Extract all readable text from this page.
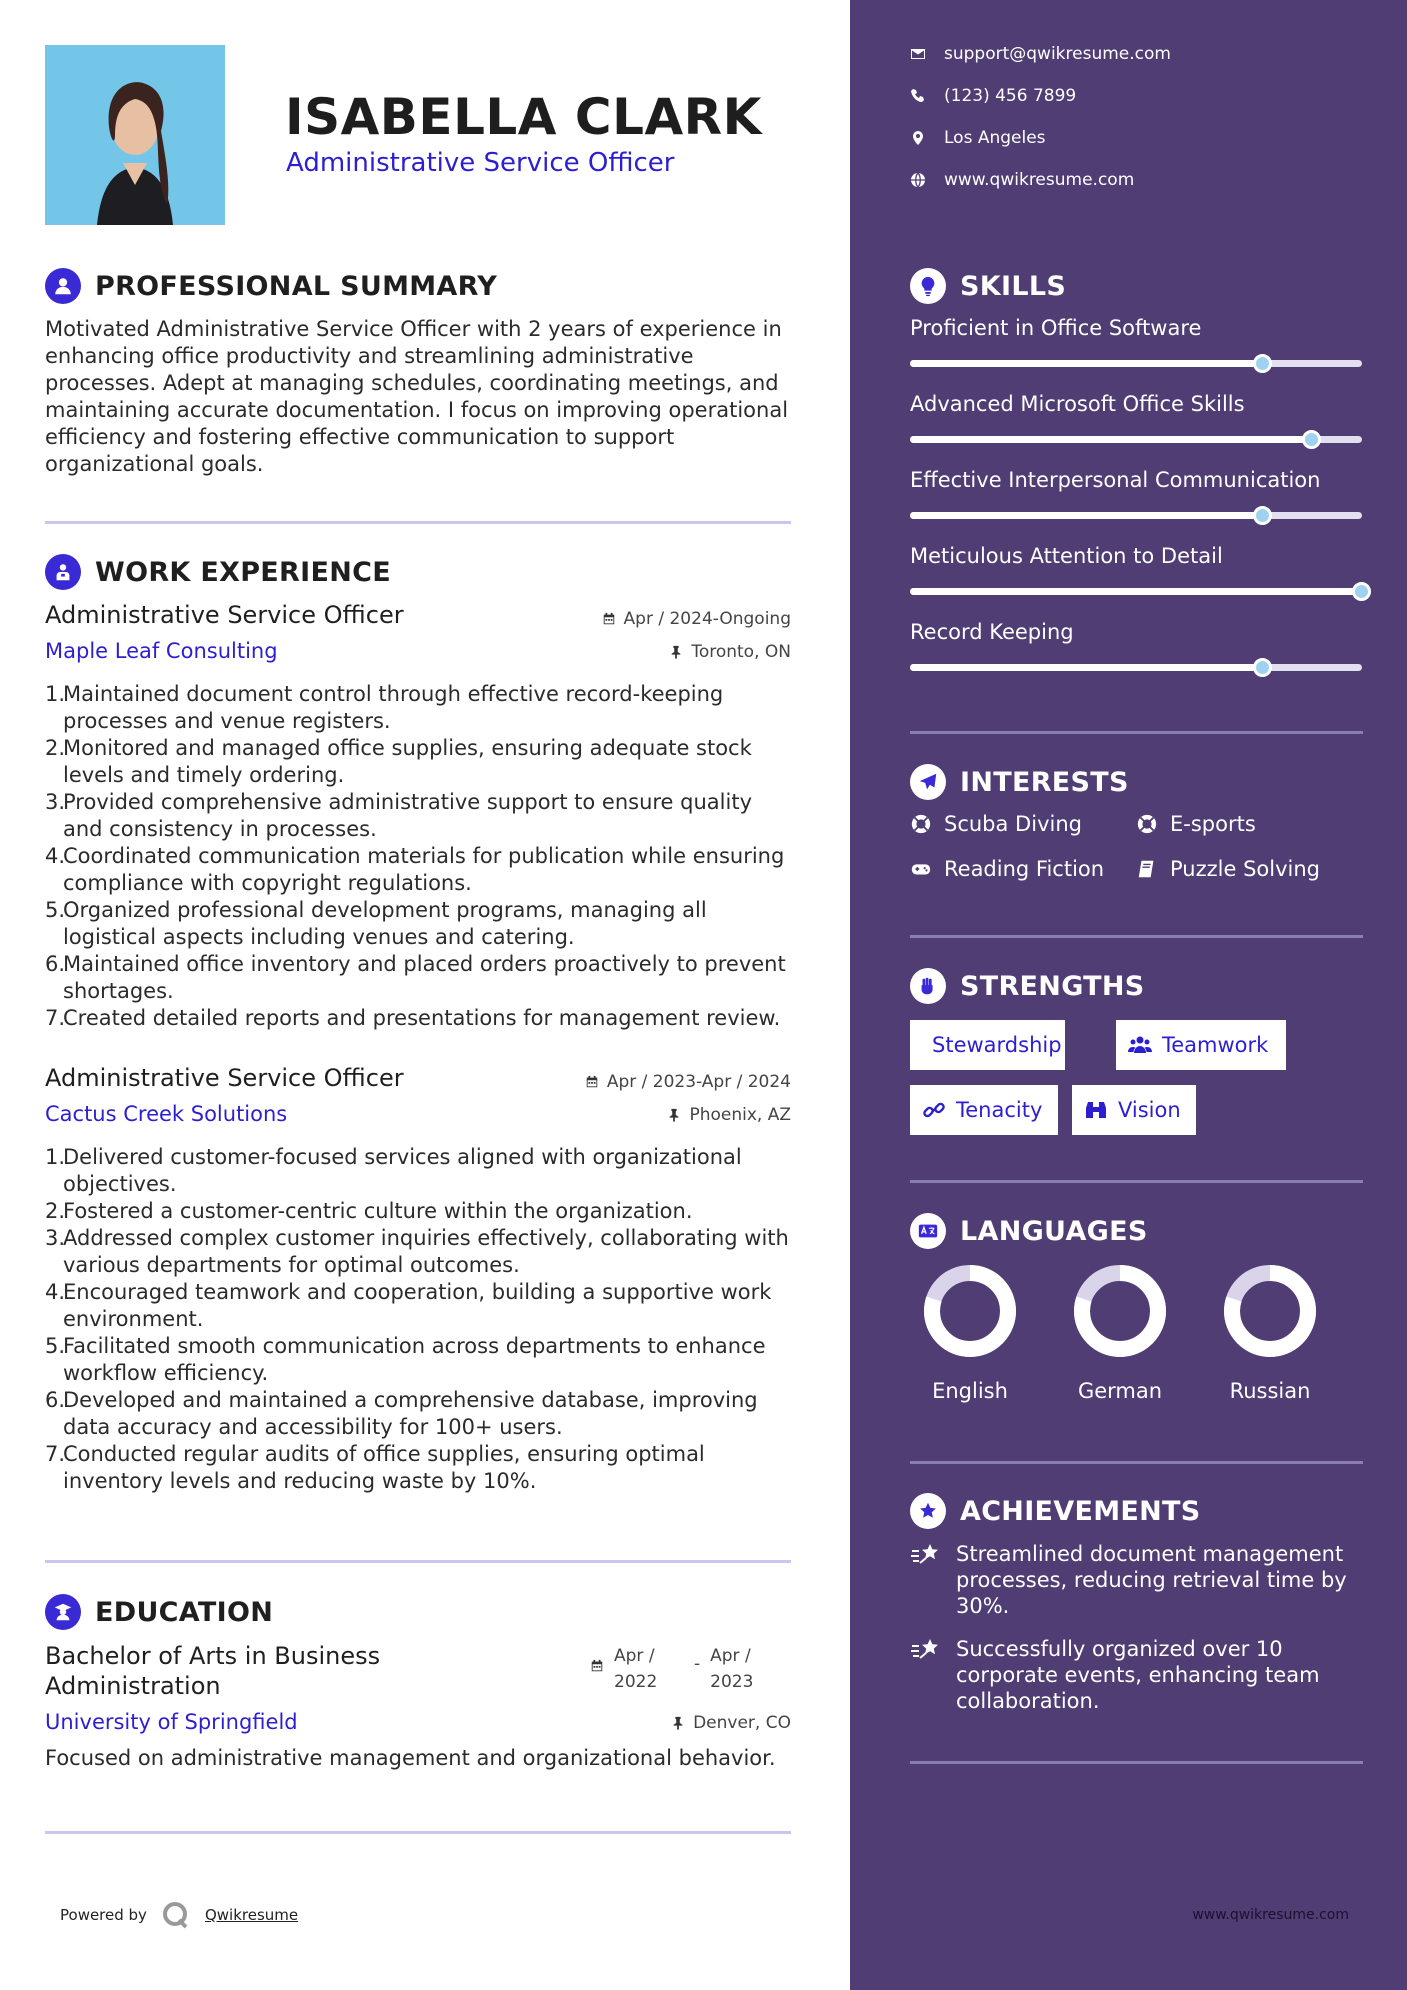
ISABELLA CLARK
Administrative Service Officer
PROFESSIONAL SUMMARY
Motivated Administrative Service Officer with 2 years of experience in enhancing office productivity and streamlining administrative processes. Adept at managing schedules, coordinating meetings, and maintaining accurate documentation. I focus on improving operational efficiency and fostering effective communication to support organizational goals.
WORK EXPERIENCE
Administrative Service Officer	Apr / 2024-Ongoing
Maple Leaf Consulting	Toronto, ON
1.
Maintained document control through effective record-keeping processes and venue registers.
2.
Monitored and managed office supplies, ensuring adequate stock levels and timely ordering.
3.
Provided comprehensive administrative support to ensure quality and consistency in processes.
4.
Coordinated communication materials for publication while ensuring compliance with copyright regulations.
5.
Organized professional development programs, managing all logistical aspects including venues and catering.
6.
Maintained office inventory and placed orders proactively to prevent shortages.
7.
Created detailed reports and presentations for management review.
Administrative Service Officer	Apr / 2023-Apr / 2024
Cactus Creek Solutions	Phoenix, AZ
1.
Delivered customer-focused services aligned with organizational objectives.
2.
Fostered a customer-centric culture within the organization.
3.
Addressed complex customer inquiries effectively, collaborating with various departments for optimal outcomes.
4.
Encouraged teamwork and cooperation, building a supportive work environment.
5.
Facilitated smooth communication across departments to enhance workflow efficiency.
6.
Developed and maintained a comprehensive database, improving data accuracy and accessibility for 100+ users.
7.
Conducted regular audits of office supplies, ensuring optimal inventory levels and reducing waste by 10%.
EDUCATION
Bachelor of Arts in Business
Administration
Apr /
2022
- Apr /
2023
University of Springfield	Denver, CO
Focused on administrative management and organizational behavior.
Powered by	Qwikresume
support@qwikresume.com
(123) 456 7899
Los Angeles
www.qwikresume.com
SKILLS
Proficient in Office Software
Advanced Microsoft Office Skills
Effective Interpersonal Communication
Meticulous Attention to Detail
Record Keeping
INTERESTS
Scuba Diving	E-sports
Reading Fiction	Puzzle Solving
STRENGTHS
Stewardship	Teamwork
Tenacity	Vision
LANGUAGES
English	German	Russian
ACHIEVEMENTS
Streamlined document management
processes, reducing retrieval time by
30%.
Successfully organized over 10
corporate events, enhancing team
collaboration.
www.qwikresume.com
